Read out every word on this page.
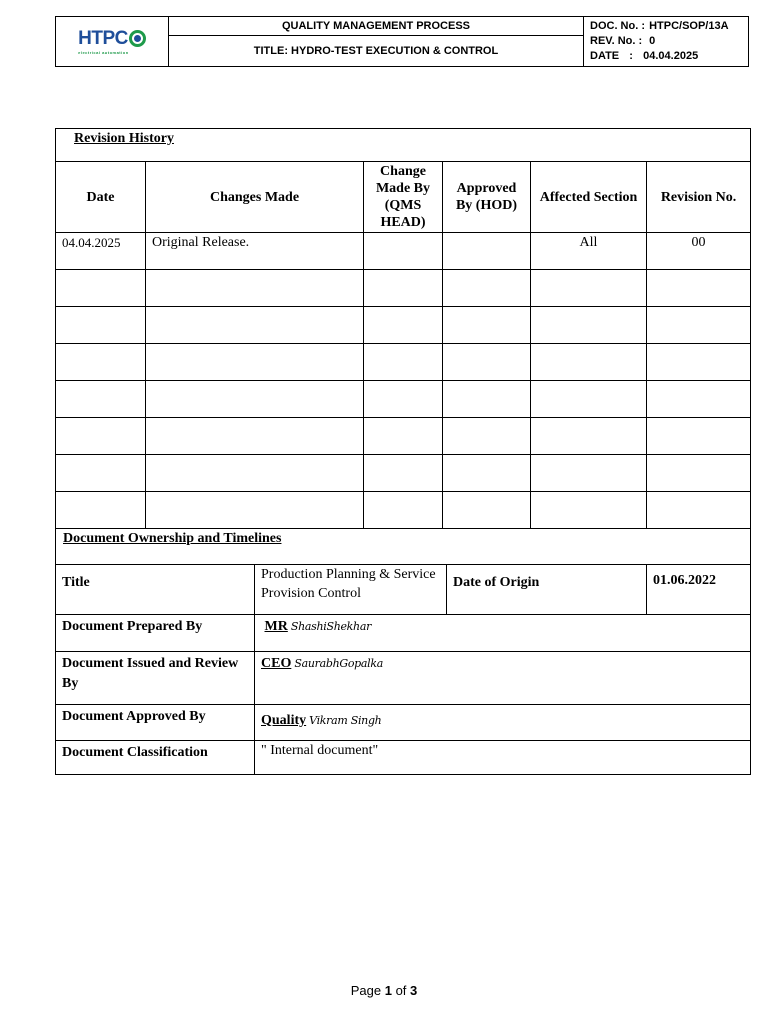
HTPC
electrical automation
	QUALITY MANAGEMENT PROCESS	DOC. No. : HTPC/SOP/13A
REV. No. : 0
DATE : 04.04.2025

TITLE: HYDRO-TEST EXECUTION & CONTROL
Revision History							
Date	Changes Made		Change Made By (QMS HEAD)	Approved By (HOD)		Affected Section	Revision No.
04.04.2025	Original Release.					All	00

Document Ownership and Timelines							
Title		Production Planning & Service Provision Control			Date of Origin		01.06.2022
Document Prepared By		MR ShashiShekhar					
Document Issued and Review By		CEO SaurabhGopalka					
Document Approved By		Quality Vikram Singh					
Document Classification		" Internal document"					
Page 1 of 3
